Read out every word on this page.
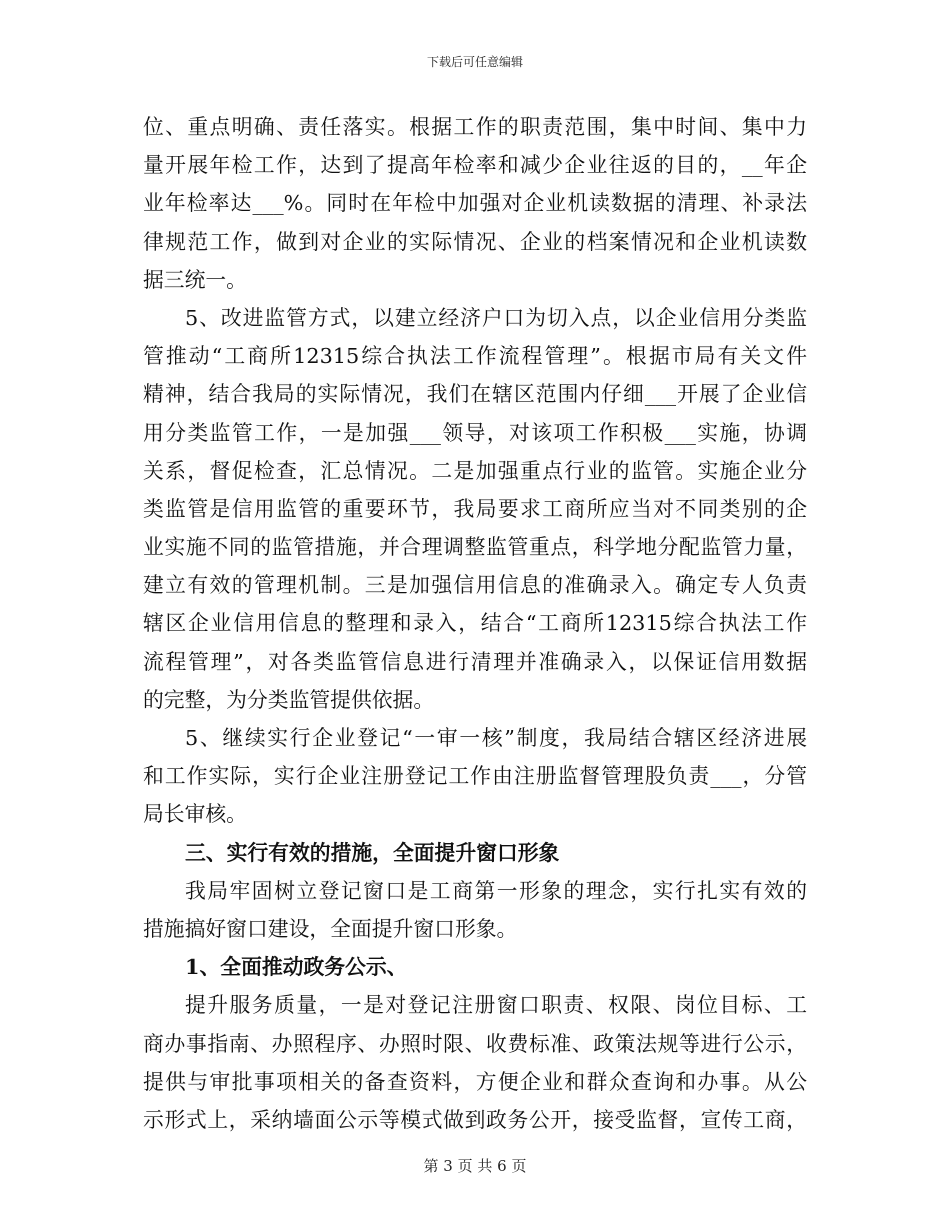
下载后可任意编辑
位、重点明确、责任落实。根据工作的职责范围，集中时间、集中力
量开展年检工作，达到了提高年检率和减少企业往返的目的，__年企
业年检率达___%。同时在年检中加强对企业机读数据的清理、补录法
律规范工作，做到对企业的实际情况、企业的档案情况和企业机读数
据三统一。
5、改进监管方式，以建立经济户口为切入点，以企业信用分类监
管推动“工商所12315综合执法工作流程管理”。根据市局有关文件
精神，结合我局的实际情况，我们在辖区范围内仔细___开展了企业信
用分类监管工作，一是加强___领导，对该项工作积极___实施，协调
关系，督促检查，汇总情况。二是加强重点行业的监管。实施企业分
类监管是信用监管的重要环节，我局要求工商所应当对不同类别的企
业实施不同的监管措施，并合理调整监管重点，科学地分配监管力量，
建立有效的管理机制。三是加强信用信息的准确录入。确定专人负责
辖区企业信用信息的整理和录入，结合“工商所12315综合执法工作
流程管理”，对各类监管信息进行清理并准确录入，以保证信用数据
的完整，为分类监管提供依据。
5、继续实行企业登记“一审一核”制度，我局结合辖区经济进展
和工作实际，实行企业注册登记工作由注册监督管理股负责___，分管
局长审核。
三、实行有效的措施，全面提升窗口形象
我局牢固树立登记窗口是工商第一形象的理念，实行扎实有效的
措施搞好窗口建设，全面提升窗口形象。
1、全面推动政务公示、
提升服务质量，一是对登记注册窗口职责、权限、岗位目标、工
商办事指南、办照程序、办照时限、收费标准、政策法规等进行公示，
提供与审批事项相关的备查资料，方便企业和群众查询和办事。从公
示形式上，采纳墙面公示等模式做到政务公开，接受监督，宣传工商，
第 3 页 共 6 页
